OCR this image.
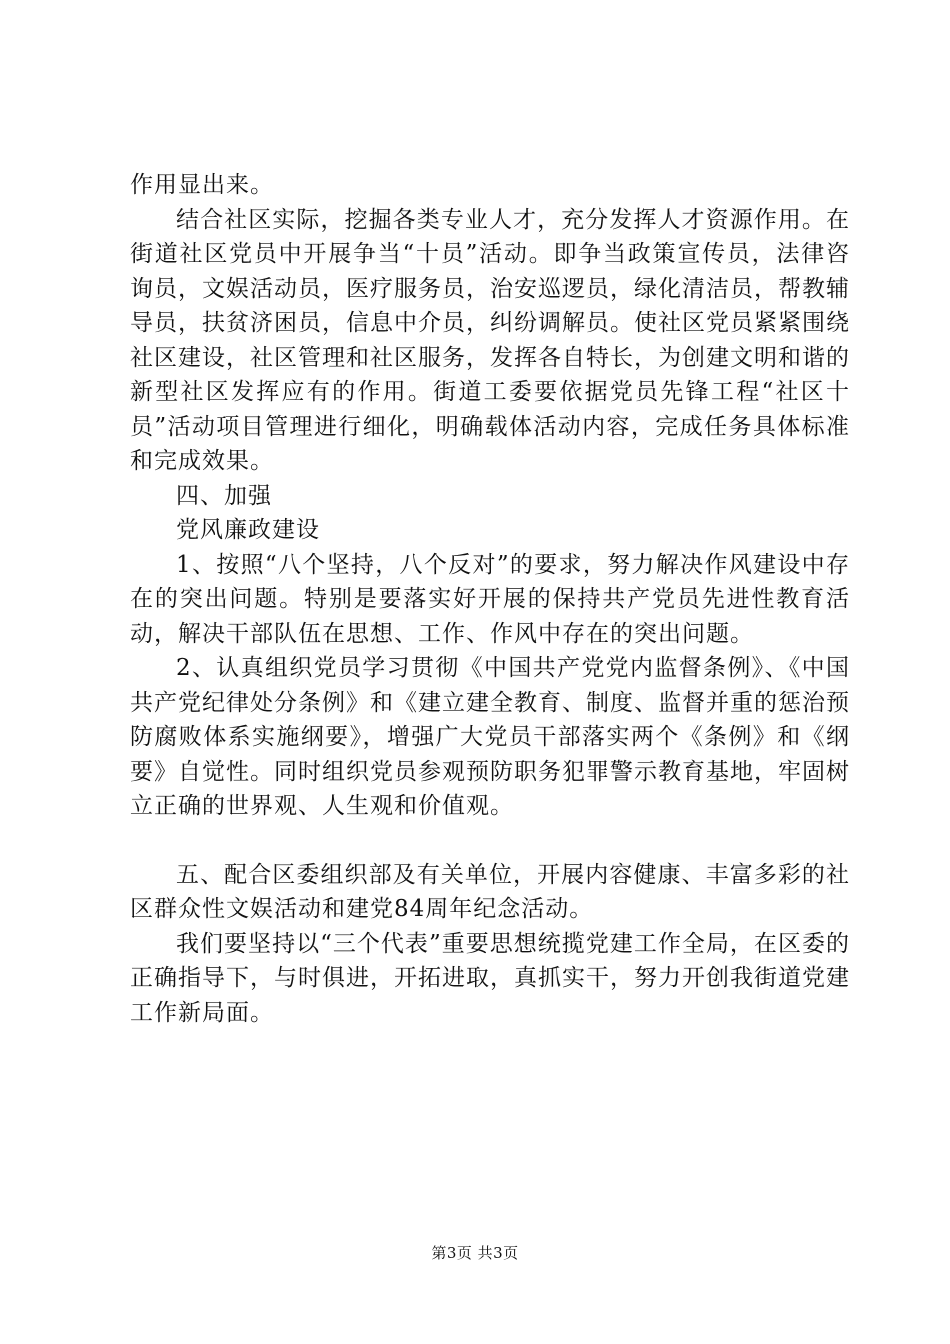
作用显出来。

结合社区实际，挖掘各类专业人才，充分发挥人才资源作用。在街道社区党员中开展争当“十员”活动。即争当政策宣传员，法律咨询员，文娱活动员，医疗服务员，治安巡逻员，绿化清洁员，帮教辅导员，扶贫济困员，信息中介员，纠纷调解员。使社区党员紧紧围绕社区建设，社区管理和社区服务，发挥各自特长，为创建文明和谐的新型社区发挥应有的作用。街道工委要依据党员先锋工程“社区十员”活动项目管理进行细化，明确载体活动内容，完成任务具体标准和完成效果。

四、加强

党风廉政建设

1、按照“八个坚持，八个反对”的要求，努力解决作风建设中存在的突出问题。特别是要落实好开展的保持共产党员先进性教育活动，解决干部队伍在思想、工作、作风中存在的突出问题。

2、认真组织党员学习贯彻《中国共产党党内监督条例》、《中国共产党纪律处分条例》和《建立建全教育、制度、监督并重的惩治预防腐败体系实施纲要》，增强广大党员干部落实两个《条例》和《纲要》自觉性。同时组织党员参观预防职务犯罪警示教育基地，牢固树立正确的世界观、人生观和价值观。

五、配合区委组织部及有关单位，开展内容健康、丰富多彩的社区群众性文娱活动和建党84周年纪念活动。

我们要坚持以“三个代表”重要思想统揽党建工作全局，在区委的正确指导下，与时俱进，开拓进取，真抓实干，努力开创我街道党建工作新局面。

第3页 共3页
